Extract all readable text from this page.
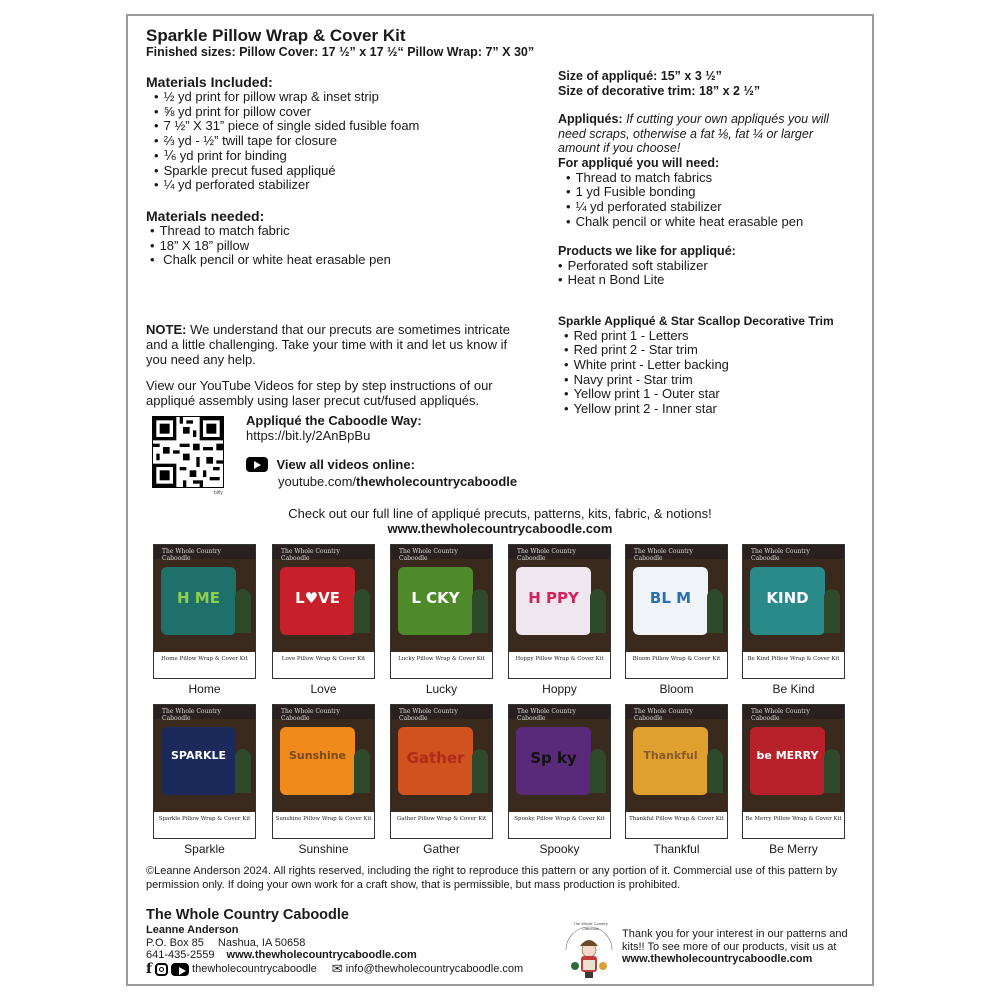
Sparkle Pillow Wrap & Cover Kit
Finished sizes: Pillow Cover: 17 ½” x 17 ½“ Pillow Wrap: 7” X 30”
Materials Included:
• ½ yd print for pillow wrap & inset strip
• ⅝ yd print for pillow cover
• 7 ½” X 31” piece of single sided fusible foam
• ⅔ yd - ½” twill tape for closure
• ⅙ yd print for binding
• Sparkle precut fused appliqué
• ¼ yd perforated stabilizer
Materials needed:
• Thread to match fabric
• 18” X 18” pillow
• Chalk pencil or white heat erasable pen
NOTE: We understand that our precuts are sometimes intricate and a little challenging. Take your time with it and let us know if you need any help.
View our YouTube Videos for step by step instructions of our appliqué assembly using laser precut cut/fused appliqués.
bitly
Appliqué the Caboodle Way:
https://bit.ly/2AnBpBu
View all videos online:
youtube.com/thewholecountrycaboodle
Size of appliqué: 15” x 3 ½”
Size of decorative trim: 18” x 2 ½”
Appliqués: If cutting your own appliqués you will need scraps, otherwise a fat ⅛, fat ¼ or larger amount if you choose!
For appliqué you will need:
• Thread to match fabrics
• 1 yd Fusible bonding
• ¼ yd perforated stabilizer
• Chalk pencil or white heat erasable pen
Products we like for appliqué:
• Perforated soft stabilizer
• Heat n Bond Lite
Sparkle Appliqué & Star Scallop Decorative Trim
• Red print 1 - Letters
• Red print 2 - Star trim
• White print - Letter backing
• Navy print - Star trim
• Yellow print 1 - Outer star
• Yellow print 2 - Inner star
Check out our full line of appliqué precuts, patterns, kits, fabric, & notions!
www.thewholecountrycaboodle.com
The Whole Country Caboodle
H ME
Home Pillow Wrap & Cover Kit
Home
The Whole Country Caboodle
L♥VE
Love Pillow Wrap & Cover Kit
Love
The Whole Country Caboodle
L CKY
Lucky Pillow Wrap & Cover Kit
Lucky
The Whole Country Caboodle
H PPY
Hoppy Pillow Wrap & Cover Kit
Hoppy
The Whole Country Caboodle
BL M
Bloom Pillow Wrap & Cover Kit
Bloom
The Whole Country Caboodle
KIND
Be Kind Pillow Wrap & Cover Kit
Be Kind
The Whole Country Caboodle
SPARKLE
Sparkle Pillow Wrap & Cover Kit
Sparkle
The Whole Country Caboodle
Sunshine
Sunshine Pillow Wrap & Cover Kit
Sunshine
The Whole Country Caboodle
Gather
Gather Pillow Wrap & Cover Kit
Gather
The Whole Country Caboodle
Sp ky
Spooky Pillow Wrap & Cover Kit
Spooky
The Whole Country Caboodle
Thankful
Thankful Pillow Wrap & Cover Kit
Thankful
The Whole Country Caboodle
be MERRY
Be Merry Pillow Wrap & Cover Kit
Be Merry
©Leanne Anderson 2024. All rights reserved, including the right to reproduce this pattern or any portion of it. Commercial use of this pattern by permission only. If doing your own work for a craft show, that is permissible, but mass production is prohibited.
The Whole Country Caboodle
Leanne Anderson
P.O. Box 85 Nashua, IA 50658
641-435-2559 www.thewholecountrycaboodle.com
f	thewholecountrycaboodle ✉ info@thewholecountrycaboodle.com
The Whole Country Caboodle	Thank you for your interest in our patterns and kits!! To see more of our products, visit us at
www.thewholecountrycaboodle.com
